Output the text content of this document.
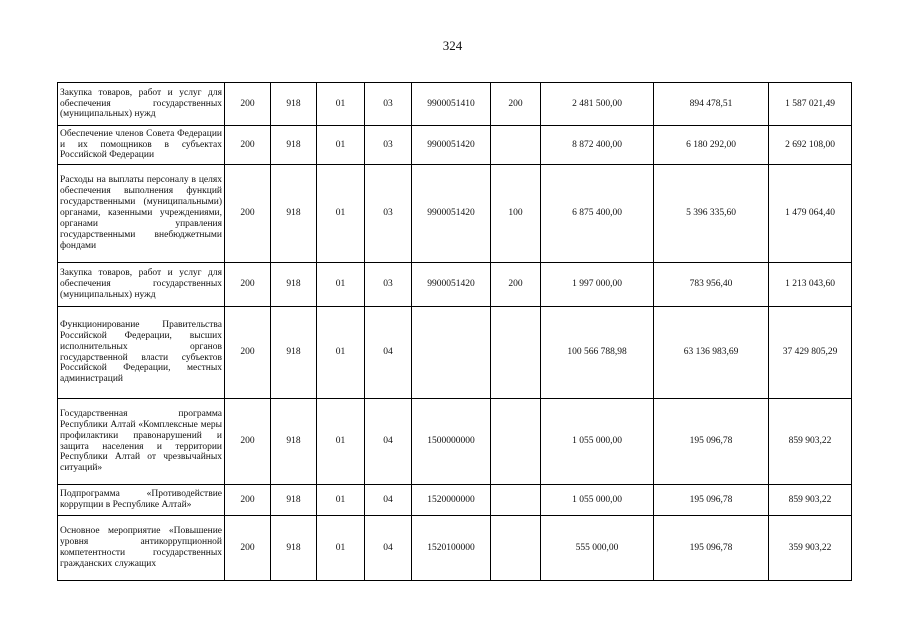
324
Закупка товаров, работ и услуг для обеспечения государственных (муниципальных) нужд	200	918	01	03	9900051410	200	2 481 500,00	894 478,51	1 587 021,49
Обеспечение членов Совета Федерации и их помощников в субъектах Российской Федерации	200	918	01	03	9900051420		8 872 400,00	6 180 292,00	2 692 108,00
Расходы на выплаты персоналу в целях обеспечения выполнения функций государственными (муниципальными) органами, казенными учреждениями, органами управления государственными внебюджетными фондами	200	918	01	03	9900051420	100	6 875 400,00	5 396 335,60	1 479 064,40
Закупка товаров, работ и услуг для обеспечения государственных (муниципальных) нужд	200	918	01	03	9900051420	200	1 997 000,00	783 956,40	1 213 043,60
Функционирование Правительства Российской Федерации, высших исполнительных органов государственной власти субъектов Российской Федерации, местных администраций	200	918	01	04			100 566 788,98	63 136 983,69	37 429 805,29
Государственная программа Республики Алтай «Комплексные меры профилактики правонарушений и защита населения и территории Республики Алтай от чрезвычайных ситуаций»	200	918	01	04	1500000000		1 055 000,00	195 096,78	859 903,22
Подпрограмма «Противодействие коррупции в Республике Алтай»	200	918	01	04	1520000000		1 055 000,00	195 096,78	859 903,22
Основное мероприятие «Повышение уровня антикоррупционной компетентности государственных гражданских служащих	200	918	01	04	1520100000		555 000,00	195 096,78	359 903,22
